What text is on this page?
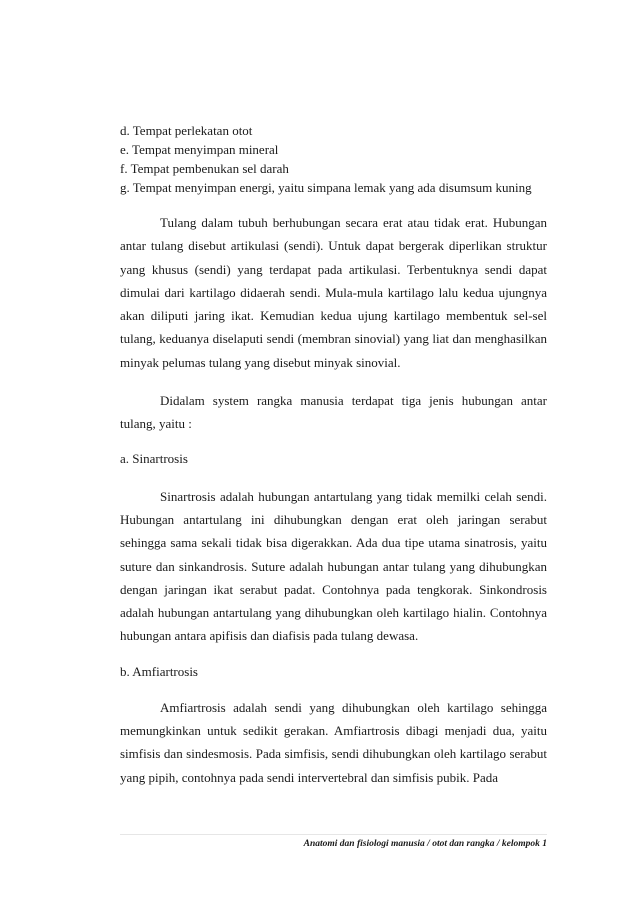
d. Tempat perlekatan otot
e. Tempat menyimpan mineral
f. Tempat pembenukan sel darah
g. Tempat menyimpan energi, yaitu simpana lemak yang ada disumsum kuning

Tulang dalam tubuh berhubungan secara erat atau tidak erat. Hubungan antar tulang disebut artikulasi (sendi). Untuk dapat bergerak diperlikan struktur yang khusus (sendi) yang terdapat pada artikulasi. Terbentuknya sendi dapat dimulai dari kartilago didaerah sendi. Mula-mula kartilago lalu kedua ujungnya akan diliputi jaring ikat. Kemudian kedua ujung kartilago membentuk sel-sel tulang, keduanya diselaputi sendi (membran sinovial) yang liat dan menghasilkan minyak pelumas tulang yang disebut minyak sinovial.

Didalam system rangka manusia terdapat tiga jenis hubungan antar tulang, yaitu :

a. Sinartrosis

Sinartrosis adalah hubungan antartulang yang tidak memilki celah sendi. Hubungan antartulang ini dihubungkan dengan erat oleh jaringan serabut sehingga sama sekali tidak bisa digerakkan. Ada dua tipe utama sinatrosis, yaitu suture dan sinkandrosis. Suture adalah hubungan antar tulang yang dihubungkan dengan jaringan ikat serabut padat. Contohnya pada tengkorak. Sinkondrosis adalah hubungan antartulang yang dihubungkan oleh kartilago hialin. Contohnya hubungan antara apifisis dan diafisis pada tulang dewasa.

b. Amfiartrosis

Amfiartrosis adalah sendi yang dihubungkan oleh kartilago sehingga memungkinkan untuk sedikit gerakan. Amfiartrosis dibagi menjadi dua, yaitu simfisis dan sindesmosis. Pada simfisis, sendi dihubungkan oleh kartilago serabut yang pipih, contohnya pada sendi intervertebral dan simfisis pubik. Pada

Anatomi dan fisiologi manusia / otot dan rangka / kelompok 1
